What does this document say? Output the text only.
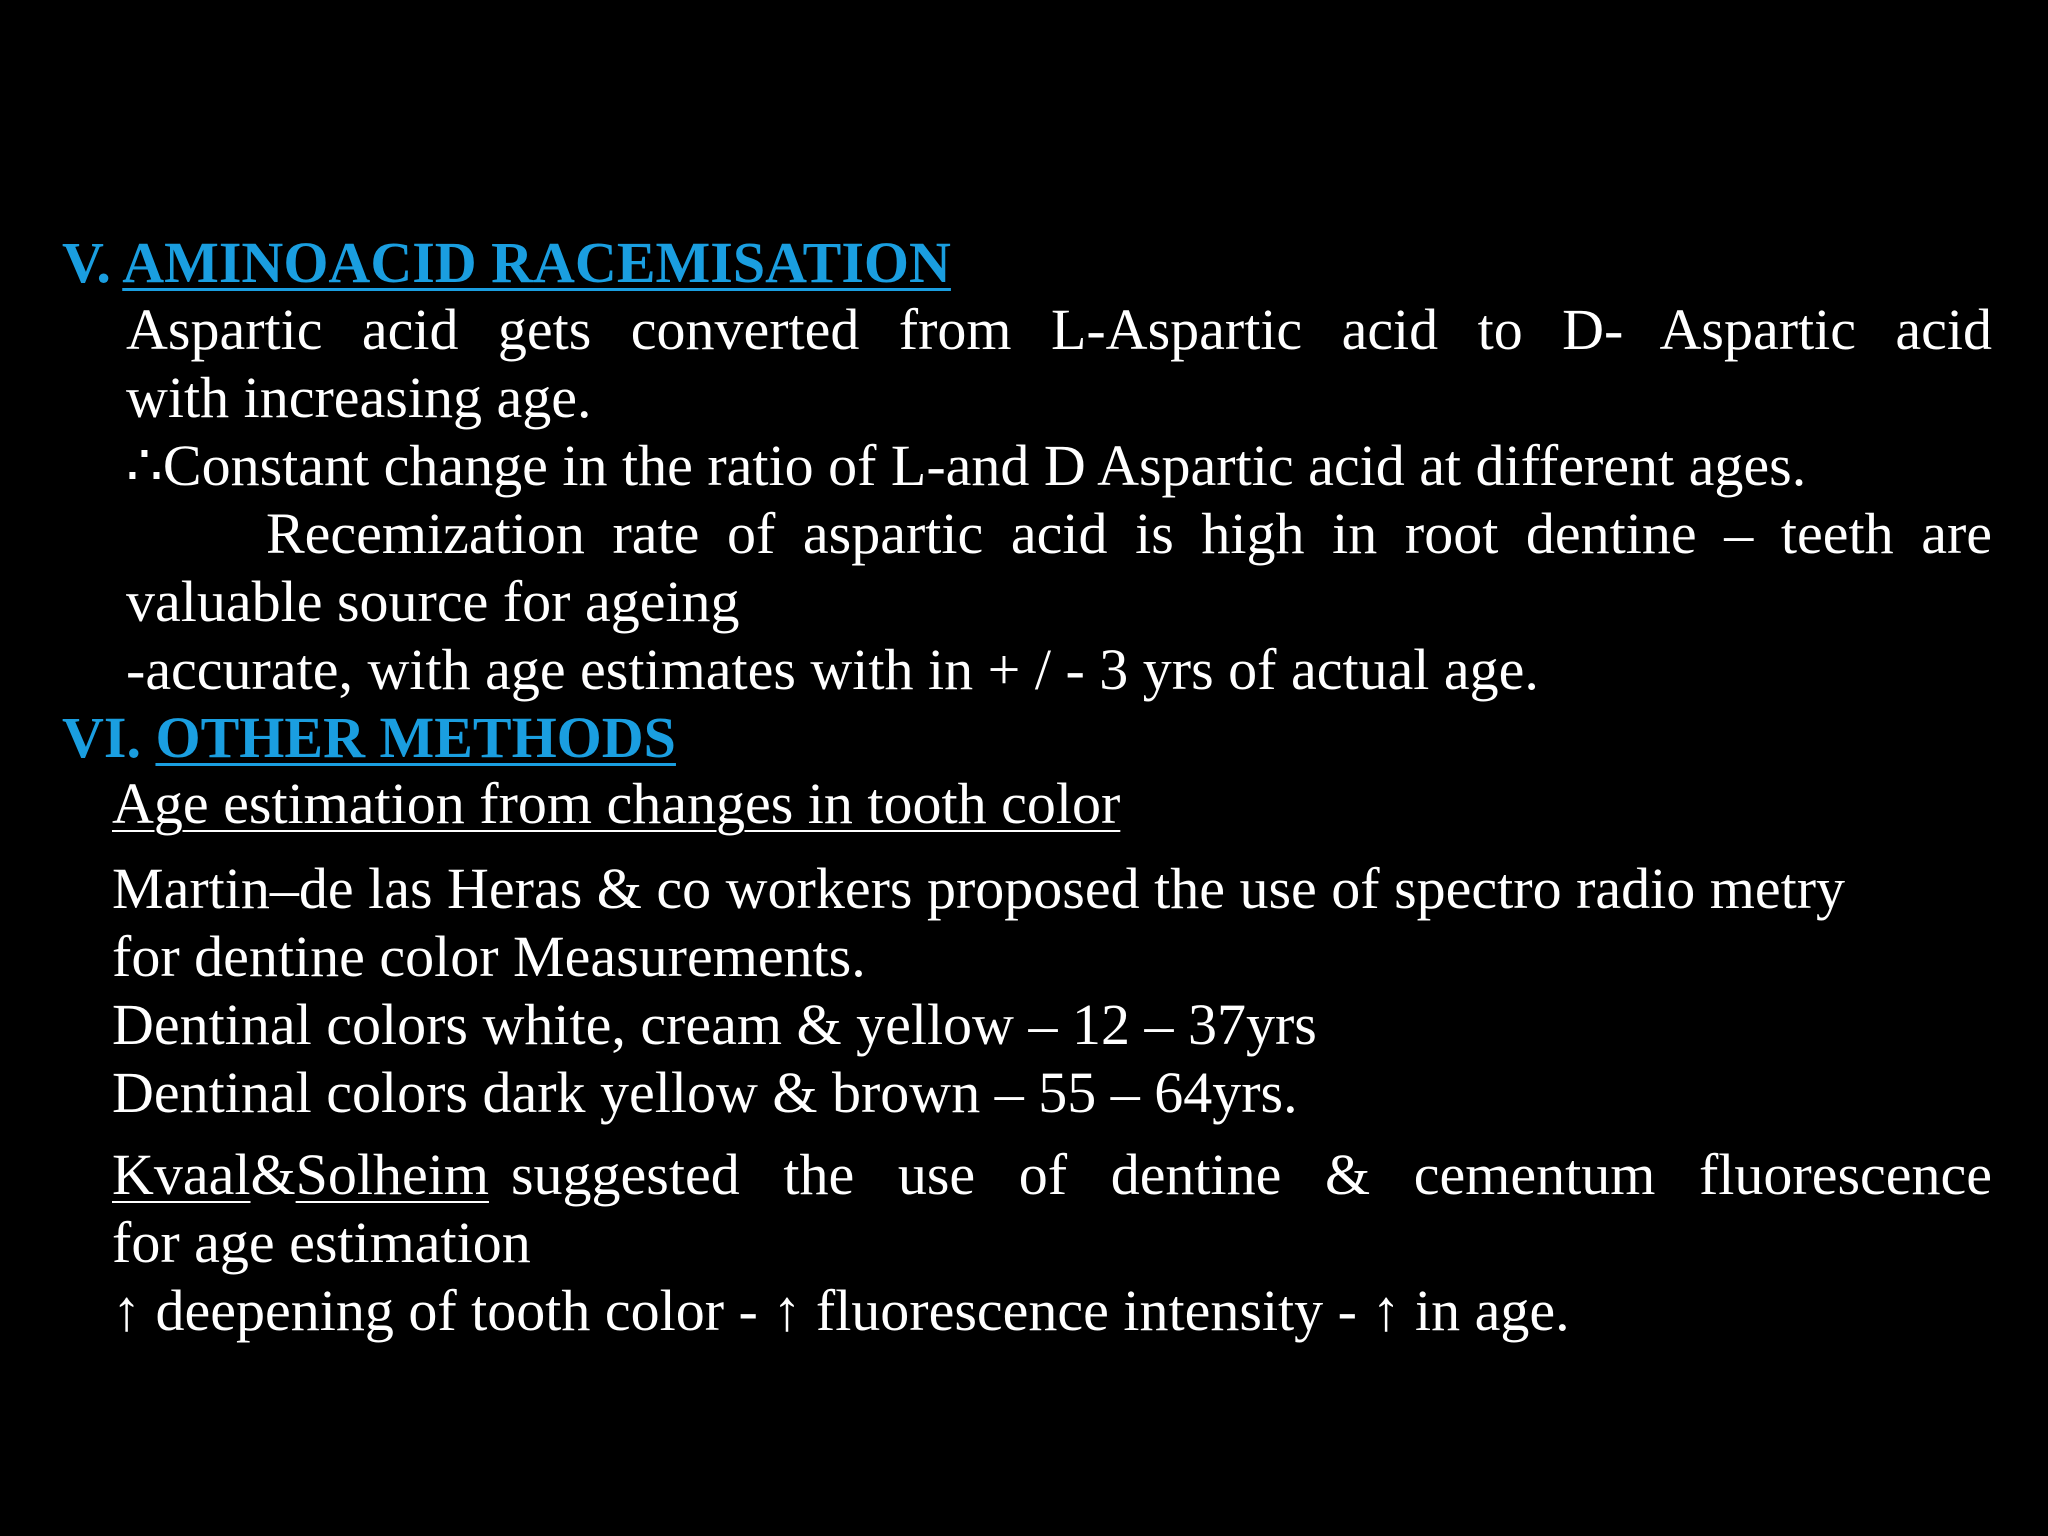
V. AMINOACID RACEMISATION
Aspartic acid gets converted from L-Aspartic acid to D- Aspartic acid
with increasing age.
∴Constant change in the ratio of L-and D Aspartic acid at different ages.
Recemization rate of aspartic acid is high in root dentine – teeth are
valuable source for ageing
-accurate, with age estimates with in + / - 3 yrs of actual age.
VI. OTHER METHODS
Age estimation from changes in tooth color
Martin–de las Heras & co workers proposed the use of spectro radio metry
for dentine color Measurements.
Dentinal colors white, cream & yellow – 12 – 37yrs
Dentinal colors dark yellow & brown – 55 – 64yrs.
Kvaal & Solheim suggested the use of dentine & cementum fluorescence
for age estimation
↑ deepening of tooth color - ↑ fluorescence intensity - ↑ in age.
